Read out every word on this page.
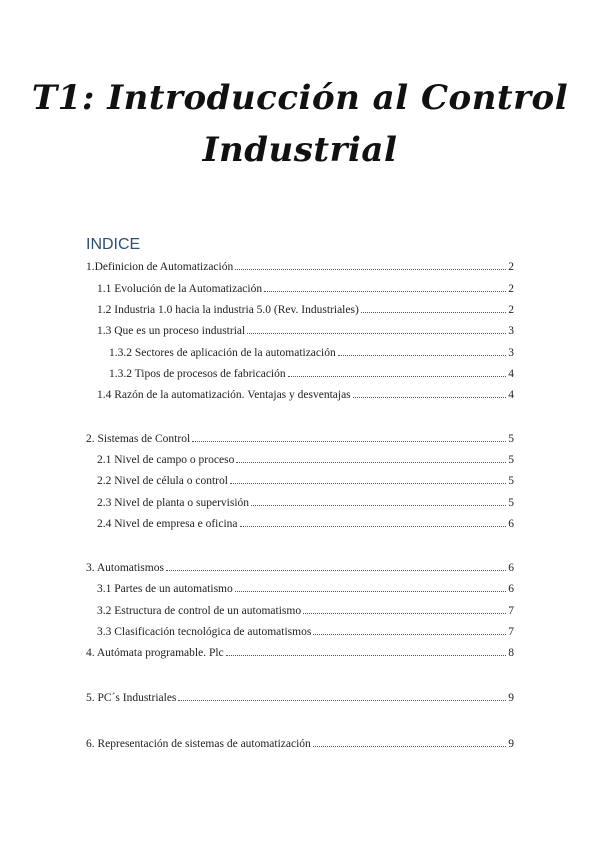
T1: Introducción al Control
Industrial
INDICE
1.Definicion de Automatización	2
1.1 Evolución de la Automatización	2
1.2 Industria 1.0 hacia la industria 5.0 (Rev. Industriales)	2
1.3 Que es un proceso industrial	3
1.3.2 Sectores de aplicación de la automatización	3
1.3.2 Tipos de procesos de fabricación	4
1.4 Razón de la automatización. Ventajas y desventajas	4
2. Sistemas de Control	5
2.1 Nivel de campo o proceso	5
2.2 Nivel de célula o control	5
2.3 Nivel de planta o supervisión	5
2.4 Nivel de empresa e oficina	6
3. Automatismos	6
3.1 Partes de un automatismo	6
3.2 Estructura de control de un automatismo	7
3.3 Clasificación tecnológica de automatismos	7
4. Autómata programable. Plc	8
5. PC´s Industriales	9
6. Representación de sistemas de automatización	9
